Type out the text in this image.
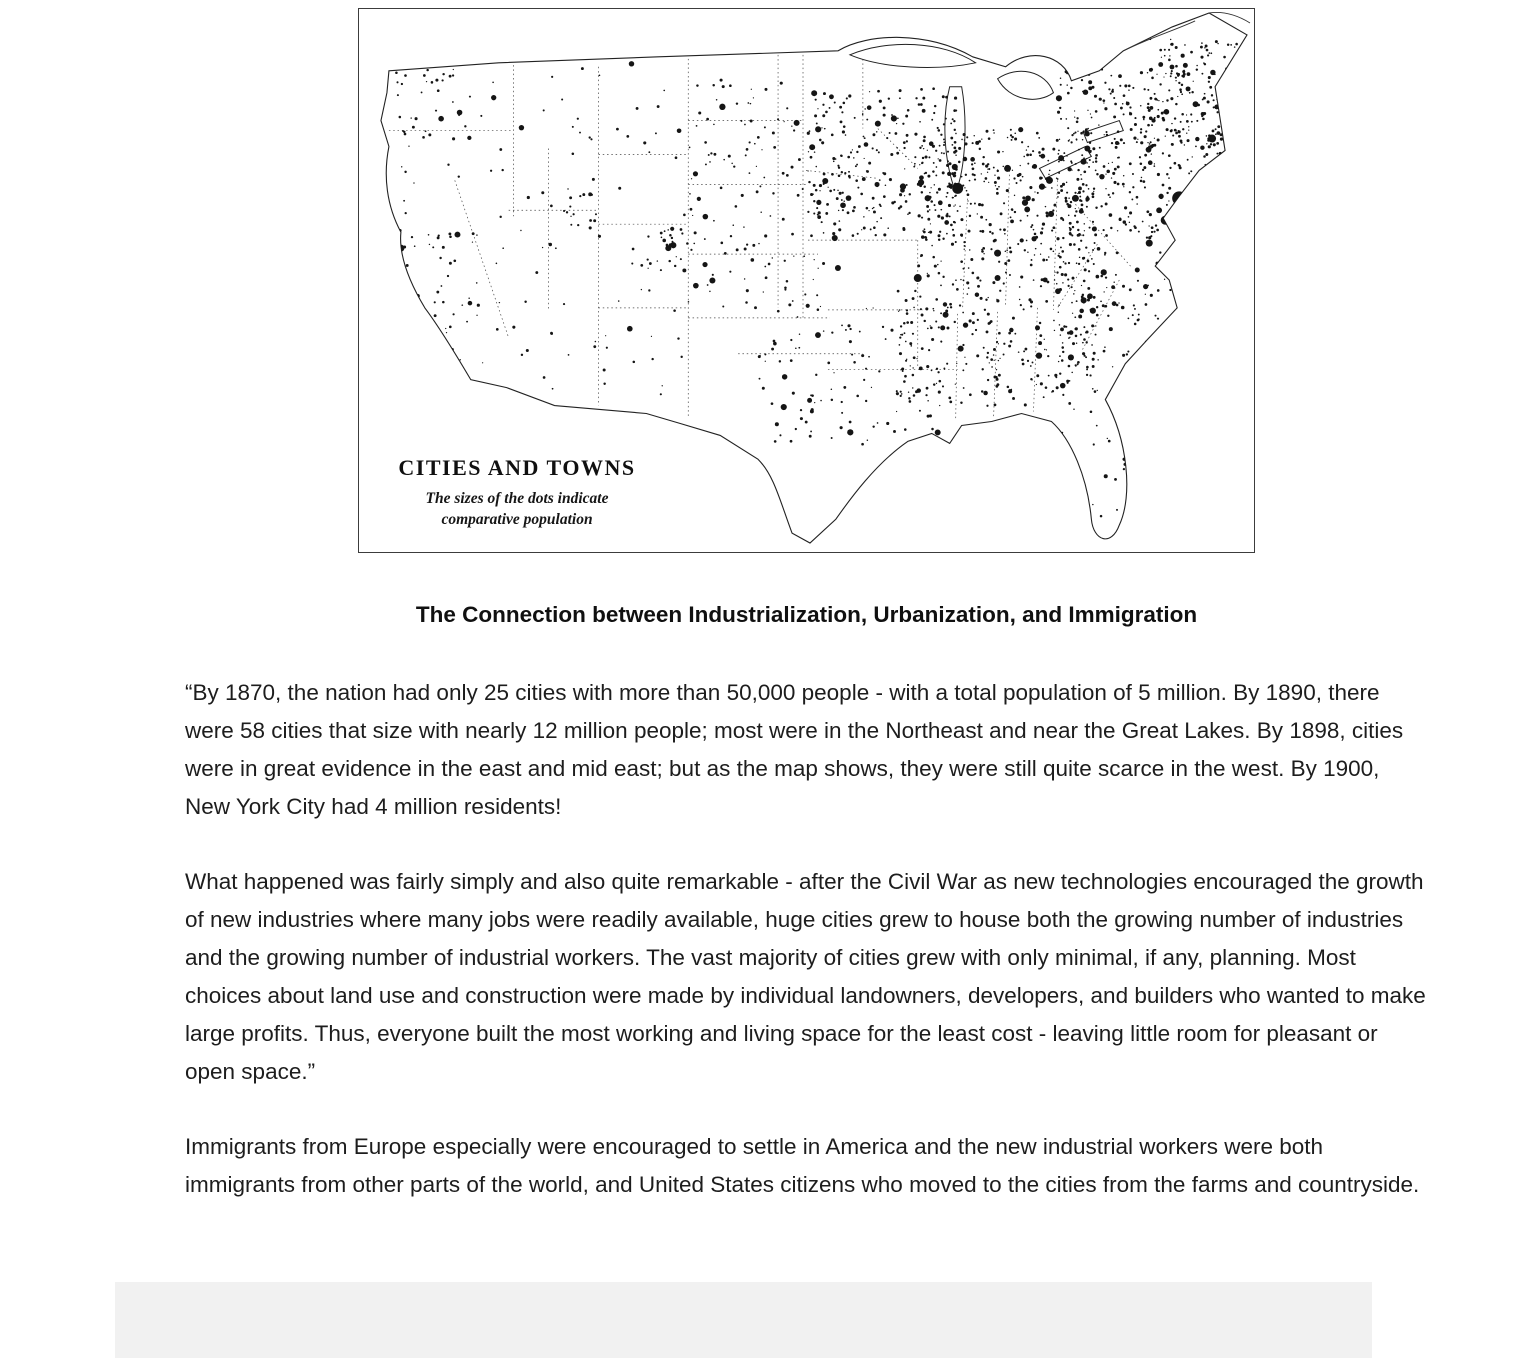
CITIES AND TOWNS
The sizes of the dots indicate
comparative population
The Connection between Industrialization, Urbanization, and Immigration

“By 1870, the nation had only 25 cities with more than 50,000 people - with a total population of 5 million. By 1890, there were 58 cities that size with nearly 12 million people; most were in the Northeast and near the Great Lakes. By 1898, cities were in great evidence in the east and mid east; but as the map shows, they were still quite scarce in the west. By 1900, New York City had 4 million residents!

What happened was fairly simply and also quite remarkable - after the Civil War as new technologies encouraged the growth of new industries where many jobs were readily available, huge cities grew to house both the growing number of industries and the growing number of industrial workers. The vast majority of cities grew with only minimal, if any, planning. Most choices about land use and construction were made by individual landowners, developers, and builders who wanted to make large profits. Thus, everyone built the most working and living space for the least cost - leaving little room for pleasant or open space.”

Immigrants from Europe especially were encouraged to settle in America and the new industrial workers were both immigrants from other parts of the world, and United States citizens who moved to the cities from the farms and countryside.
